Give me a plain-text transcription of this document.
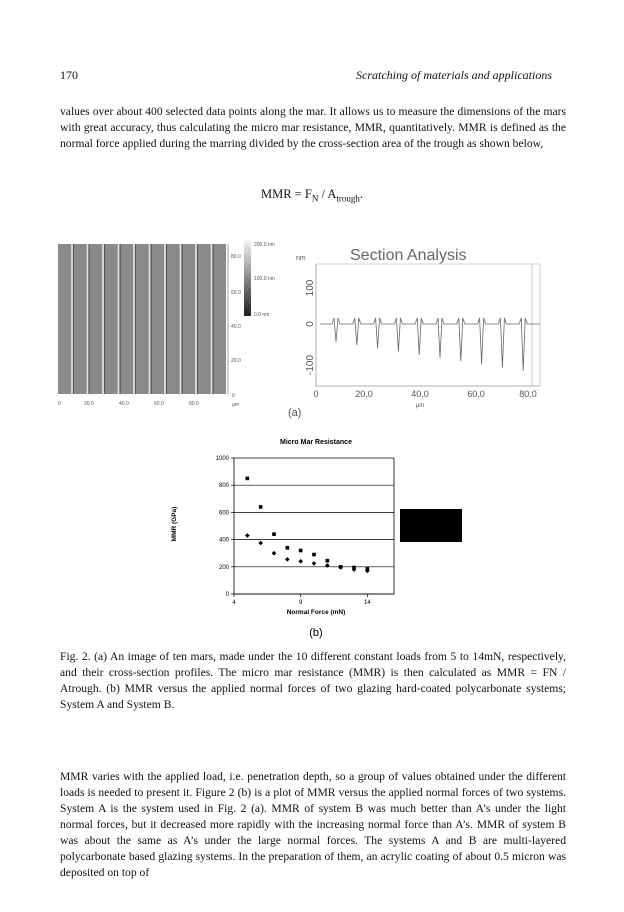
170	Scratching of materials and applications

values over about 400 selected data points along the mar. It allows us to measure the dimensions of the mars with great accuracy, thus calculating the micro mar resistance, MMR, quantitatively. MMR is defined as the normal force applied during the marring divided by the cross-section area of the trough as shown below,

MMR = $F_N / A_{trough}$.
80.0
60.0
40.0
20.0
0
µm
0	20.0	40.0	60.0	80.0
200.0 nm
100.0 nm
0.0 nm
Section Analysis
nm
100
0
-100
0	20.0	40.0	60.0	80.0
µm
(a)
Micro Mar Resistance
0
200
400
600
800
1000
4	9	14
MMR (GPa)
Normal Force (mN)
(b)

Fig. 2. (a) An image of ten mars, made under the 10 different constant loads from 5 to 14mN, respectively, and their cross-section profiles. The micro mar resistance (MMR) is then calculated as MMR = FN / Atrough. (b) MMR versus the applied normal forces of two glazing hard-coated polycarbonate systems; System A and System B.

MMR varies with the applied load, i.e. penetration depth, so a group of values obtained under the different loads is needed to present it. Figure 2 (b) is a plot of MMR versus the applied normal forces of two systems. System A is the system used in Fig. 2 (a). MMR of system B was much better than A’s under the light normal forces, but it decreased more rapidly with the increasing normal force than A’s. MMR of system B was about the same as A’s under the large normal forces. The systems A and B are multi-layered polycarbonate based glazing systems. In the preparation of them, an acrylic coating of about 0.5 micron was deposited on top of
